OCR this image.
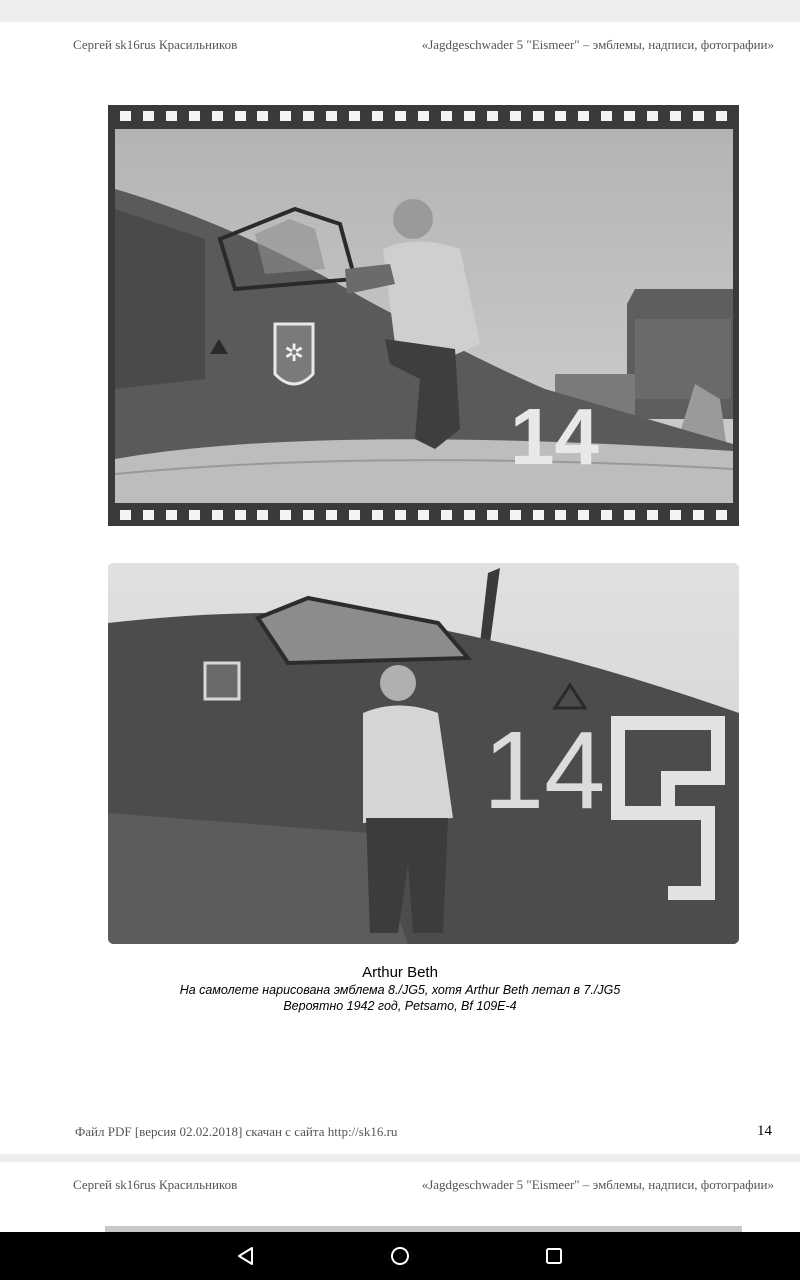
Сергей sk16rus Красильников	«Jagdgeschwader 5 "Eismeer" – эмблемы, надписи, фотографии»
✲
14
14
Arthur Beth
На самолете нарисована эмблема 8./JG5, хотя Arthur Beth летал в 7./JG5
Вероятно 1942 год, Petsamo, Bf 109E-4
Файл PDF [версия 02.02.2018] скачан с сайта http://sk16.ru	14
Сергей sk16rus Красильников	«Jagdgeschwader 5 "Eismeer" – эмблемы, надписи, фотографии»
